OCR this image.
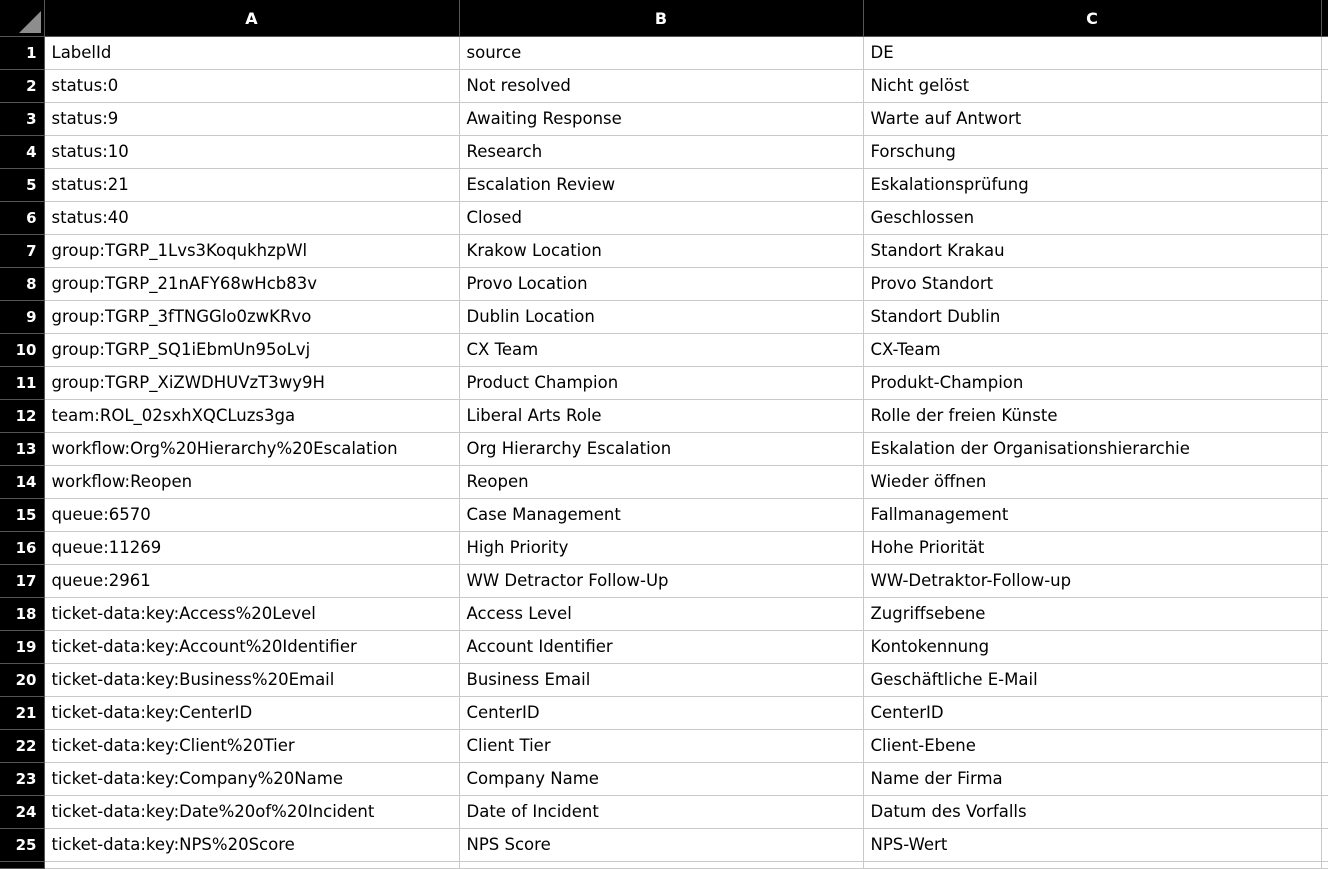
	A	B	C	
1	LabelId	source	DE	
2	status:0	Not resolved	Nicht gelöst	
3	status:9	Awaiting Response	Warte auf Antwort	
4	status:10	Research	Forschung	
5	status:21	Escalation Review	Eskalationsprüfung	
6	status:40	Closed	Geschlossen	
7	group:TGRP_1Lvs3KoqukhzpWl	Krakow Location	Standort Krakau	
8	group:TGRP_21nAFY68wHcb83v	Provo Location	Provo Standort	
9	group:TGRP_3fTNGGlo0zwKRvo	Dublin Location	Standort Dublin	
10	group:TGRP_SQ1iEbmUn95oLvj	CX Team	CX-Team	
11	group:TGRP_XiZWDHUVzT3wy9H	Product Champion	Produkt-Champion	
12	team:ROL_02sxhXQCLuzs3ga	Liberal Arts Role	Rolle der freien Künste	
13	workflow:Org%20Hierarchy%20Escalation	Org Hierarchy Escalation	Eskalation der Organisationshierarchie	
14	workflow:Reopen	Reopen	Wieder öffnen	
15	queue:6570	Case Management	Fallmanagement	
16	queue:11269	High Priority	Hohe Priorität	
17	queue:2961	WW Detractor Follow-Up	WW-Detraktor-Follow-up	
18	ticket-data:key:Access%20Level	Access Level	Zugriffsebene	
19	ticket-data:key:Account%20Identifier	Account Identifier	Kontokennung	
20	ticket-data:key:Business%20Email	Business Email	Geschäftliche E-Mail	
21	ticket-data:key:CenterID	CenterID	CenterID	
22	ticket-data:key:Client%20Tier	Client Tier	Client-Ebene	
23	ticket-data:key:Company%20Name	Company Name	Name der Firma	
24	ticket-data:key:Date%20of%20Incident	Date of Incident	Datum des Vorfalls	
25	ticket-data:key:NPS%20Score	NPS Score	NPS-Wert	
